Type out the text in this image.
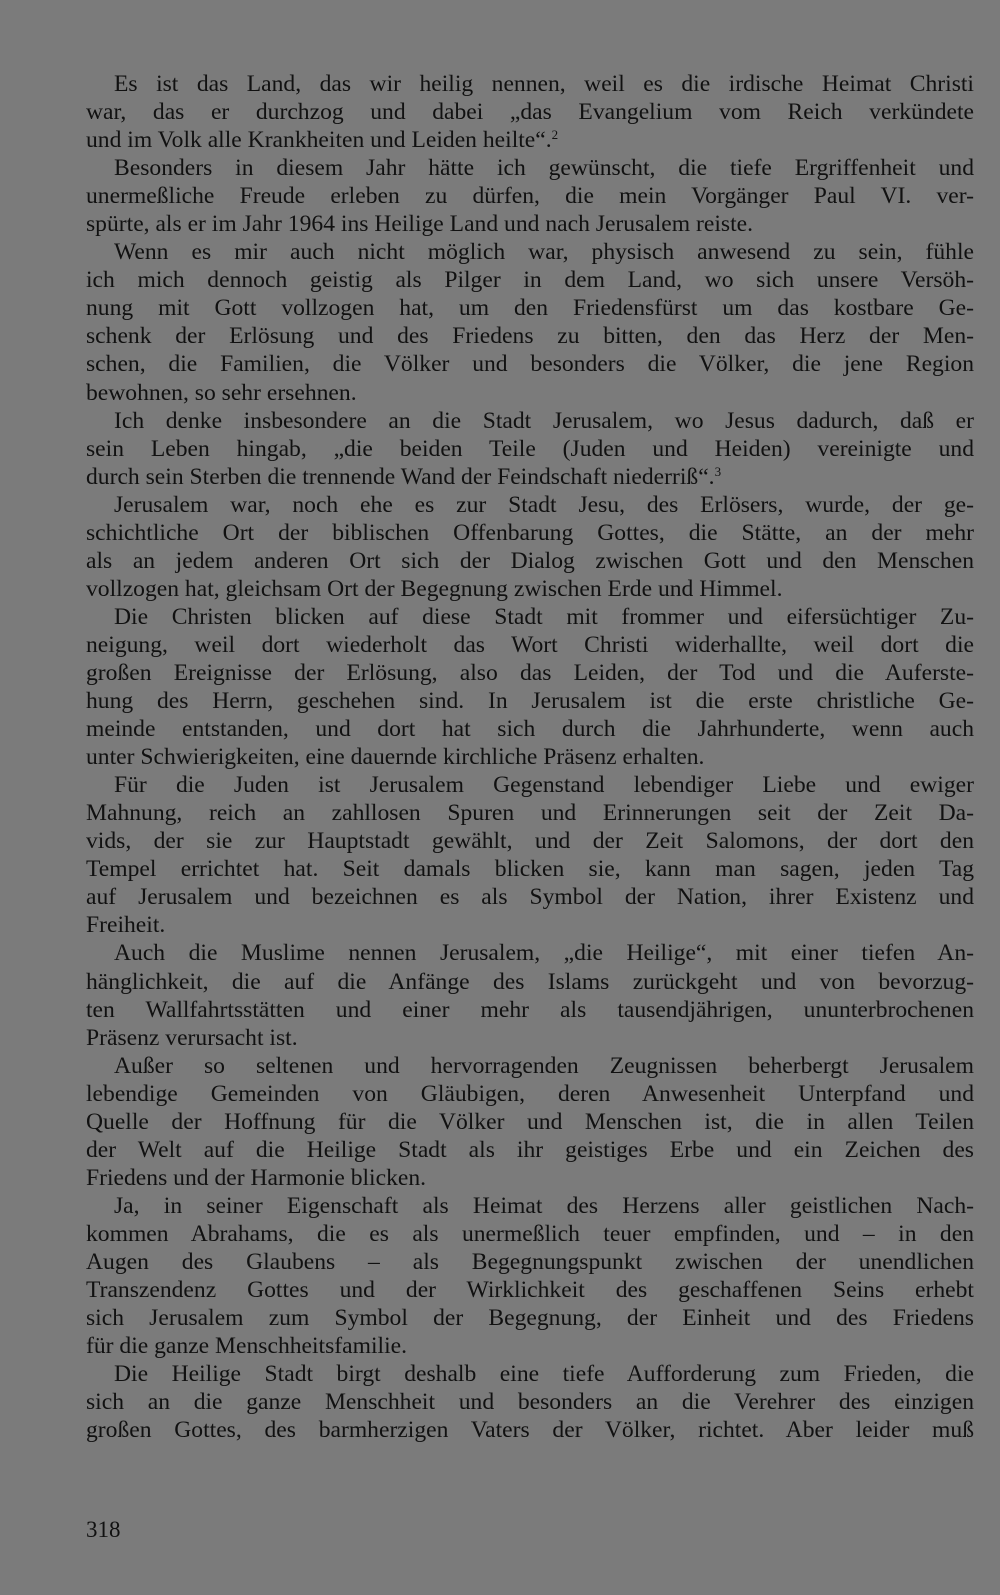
Es ist das Land, das wir heilig nennen, weil es die irdische Heimat Christi
war, das er durchzog und dabei „das Evangelium vom Reich verkündete
und im Volk alle Krankheiten und Leiden heilte“.$^2$
Besonders in diesem Jahr hätte ich gewünscht, die tiefe Ergriffenheit und
unermeßliche Freude erleben zu dürfen, die mein Vorgänger Paul VI. ver-
spürte, als er im Jahr 1964 ins Heilige Land und nach Jerusalem reiste.
Wenn es mir auch nicht möglich war, physisch anwesend zu sein, fühle
ich mich dennoch geistig als Pilger in dem Land, wo sich unsere Versöh-
nung mit Gott vollzogen hat, um den Friedensfürst um das kostbare Ge-
schenk der Erlösung und des Friedens zu bitten, den das Herz der Men-
schen, die Familien, die Völker und besonders die Völker, die jene Region
bewohnen, so sehr ersehnen.
Ich denke insbesondere an die Stadt Jerusalem, wo Jesus dadurch, daß er
sein Leben hingab, „die beiden Teile (Juden und Heiden) vereinigte und
durch sein Sterben die trennende Wand der Feindschaft niederriß“.$^3$
Jerusalem war, noch ehe es zur Stadt Jesu, des Erlösers, wurde, der ge-
schichtliche Ort der biblischen Offenbarung Gottes, die Stätte, an der mehr
als an jedem anderen Ort sich der Dialog zwischen Gott und den Menschen
vollzogen hat, gleichsam Ort der Begegnung zwischen Erde und Himmel.
Die Christen blicken auf diese Stadt mit frommer und eifersüchtiger Zu-
neigung, weil dort wiederholt das Wort Christi widerhallte, weil dort die
großen Ereignisse der Erlösung, also das Leiden, der Tod und die Auferste-
hung des Herrn, geschehen sind. In Jerusalem ist die erste christliche Ge-
meinde entstanden, und dort hat sich durch die Jahrhunderte, wenn auch
unter Schwierigkeiten, eine dauernde kirchliche Präsenz erhalten.
Für die Juden ist Jerusalem Gegenstand lebendiger Liebe und ewiger
Mahnung, reich an zahllosen Spuren und Erinnerungen seit der Zeit Da-
vids, der sie zur Hauptstadt gewählt, und der Zeit Salomons, der dort den
Tempel errichtet hat. Seit damals blicken sie, kann man sagen, jeden Tag
auf Jerusalem und bezeichnen es als Symbol der Nation, ihrer Existenz und
Freiheit.
Auch die Muslime nennen Jerusalem, „die Heilige“, mit einer tiefen An-
hänglichkeit, die auf die Anfänge des Islams zurückgeht und von bevorzug-
ten Wallfahrtsstätten und einer mehr als tausendjährigen, ununterbrochenen
Präsenz verursacht ist.
Außer so seltenen und hervorragenden Zeugnissen beherbergt Jerusalem
lebendige Gemeinden von Gläubigen, deren Anwesenheit Unterpfand und
Quelle der Hoffnung für die Völker und Menschen ist, die in allen Teilen
der Welt auf die Heilige Stadt als ihr geistiges Erbe und ein Zeichen des
Friedens und der Harmonie blicken.
Ja, in seiner Eigenschaft als Heimat des Herzens aller geistlichen Nach-
kommen Abrahams, die es als unermeßlich teuer empfinden, und – in den
Augen des Glaubens – als Begegnungspunkt zwischen der unendlichen
Transzendenz Gottes und der Wirklichkeit des geschaffenen Seins erhebt
sich Jerusalem zum Symbol der Begegnung, der Einheit und des Friedens
für die ganze Menschheitsfamilie.
Die Heilige Stadt birgt deshalb eine tiefe Aufforderung zum Frieden, die
sich an die ganze Menschheit und besonders an die Verehrer des einzigen
großen Gottes, des barmherzigen Vaters der Völker, richtet. Aber leider muß
318
